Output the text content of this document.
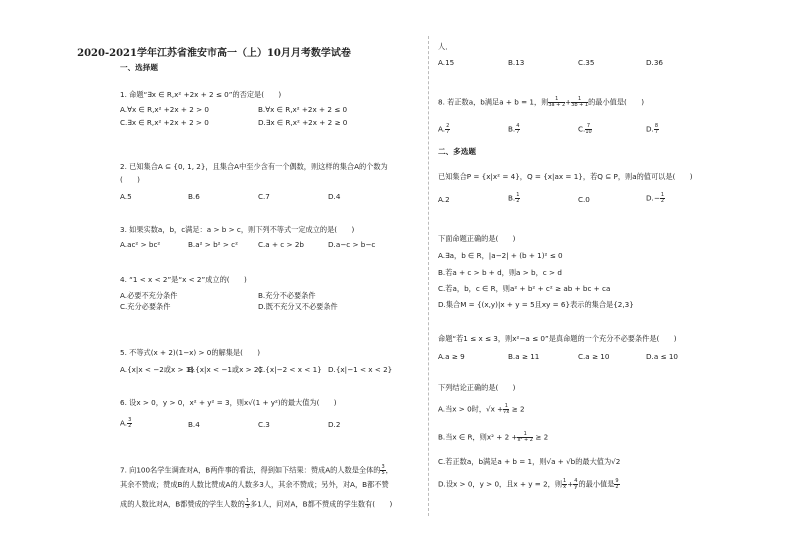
2020-2021学年江苏省淮安市高一（上）10月月考数学试卷
一、选择题
1. 命题“∃x ∈ R,x² +2x + 2 ≤ 0”的否定是(　　)
A.∀x ∈ R,x² +2x + 2 > 0	B.∀x ∈ R,x² +2x + 2 ≤ 0
C.∃x ∈ R,x² +2x + 2 > 0	D.∃x ∈ R,x² +2x + 2 ≥ 0
2. 已知集合A ⊆ {0, 1, 2}，且集合A中至少含有一个偶数，则这样的集合A的个数为
(　　)
A.5	B.6	C.7	D.4
3. 如果实数a，b，c满足：a > b > c，则下列不等式一定成立的是(　　)
A.ac² > bc²	B.a² > b² > c²	C.a + c > 2b	D.a−c > b−c
4. “1 < x < 2”是“x < 2”成立的(　　)
A.必要不充分条件	B.充分不必要条件
C.充分必要条件	D.既不充分又不必要条件
5. 不等式(x + 2)(1−x) > 0的解集是(　　)
A.{x|x < −2或x > 1}
B.{x|x < −1或x > 2}
C.{x|−2 < x < 1} D.{x|−1 < x < 2}
6. 设x > 0，y > 0，x² + y² = 3，则x√(1 + y²)的最大值为(　　)
A. $\frac{3}{2}$	B.4	C.3	D.2
7. 向100名学生调查对A，B两件事的看法，得到如下结果：赞成A的人数是全体的 $\frac{3}{5}$ ，
其余不赞成；赞成B的人数比赞成A的人数多3人，其余不赞成；另外，对A，B都不赞
成的人数比对A，B都赞成的学生人数的 $\frac{1}{3}$ 多1人，问对A，B都不赞成的学生数有(　　)
人．
A.15	B.13	C.35	D.36
8. 若正数a，b满足a + b = 1，则 $\frac{1}{3a + 2} + \frac{1}{3b + 1}$ 的最小值是(　　)
A. $\frac{2}{7}$	B. $\frac{4}{7}$	C. $\frac{7}{10}$	D. $\frac{8}{7}$
二、多选题
已知集合P = {x|x² = 4}，Q = {x|ax = 1}，若Q ⊆ P，则a的值可以是(　　)
A.2	B. $\frac{1}{2}$	C.0	$D.- \frac{1}{2}$
下面命题正确的是(　　)
A.∃a，b ∈ R，|a−2| + (b + 1)² ≤ 0
B.若a + c > b + d，则a > b，c > d
C.若a，b，c ∈ R，则a² + b² + c² ≥ ab + bc + ca
D.集合M = {(x,y)|x + y = 5且xy = 6}表示的集合是{2,3}
命题“若1 ≤ x ≤ 3，则x²−a ≤ 0”是真命题的一个充分不必要条件是(　　)
A.a ≥ 9	B.a ≥ 11	C.a ≥ 10	D.a ≤ 10
下列结论正确的是(　　)
A.当x > 0时，$√x + \frac{1}{√x} \ge 2$
B.当x ∈ R，则$x^2 + 2 + \frac{1}{\text{x² + 2}} \ge 2$
C.若正数a，b满足a + b = 1，则√a + √b的最大值为√2
D.设x > 0，y > 0，且x + y = 2，则 $\frac{1}{x} + \frac{4}{y}$ 的最小值是 $\frac{9}{2}$
